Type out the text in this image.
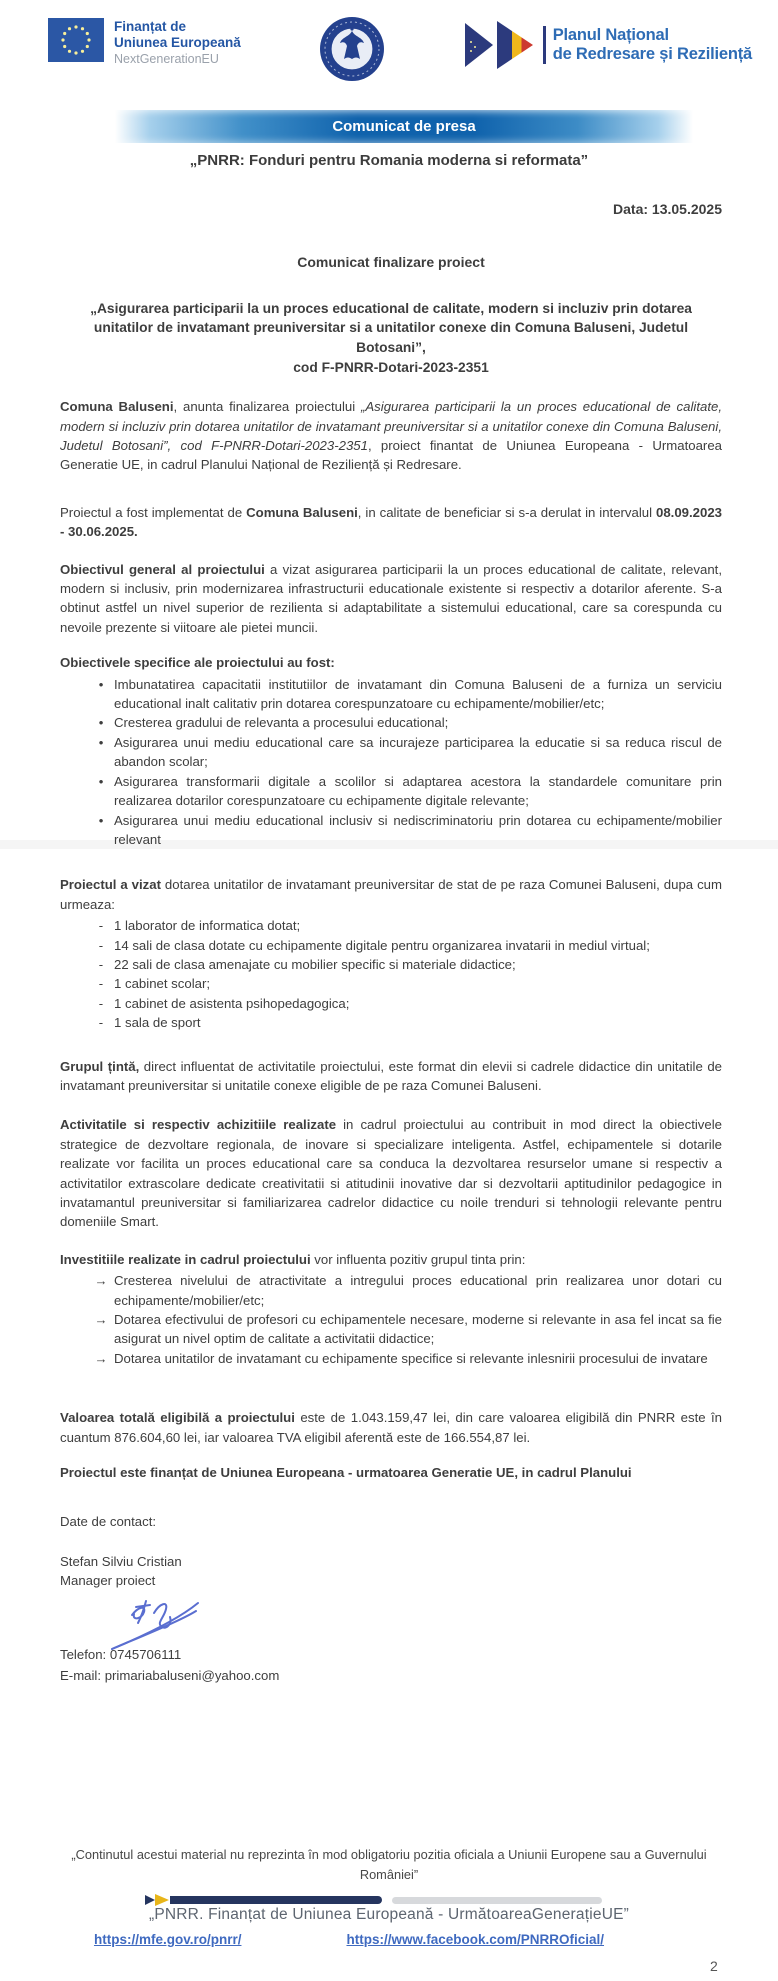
Finanțat de
Uniunea Europeană
NextGenerationEU
Planul Național
de Redresare și Reziliență
Comunicat de presa
„PNRR: Fonduri pentru Romania moderna si reformata”
Data: 13.05.2025
Comunicat finalizare proiect
„Asigurarea participarii la un proces educational de calitate, modern si incluziv prin dotarea unitatilor de invatamant preuniversitar si a unitatilor conexe din Comuna Baluseni, Judetul Botosani”,
cod F-PNRR-Dotari-2023-2351

Comuna Baluseni, anunta finalizarea proiectului „Asigurarea participarii la un proces educational de calitate, modern si incluziv prin dotarea unitatilor de invatamant preuniversitar si a unitatilor conexe din Comuna Baluseni, Judetul Botosani”, cod F-PNRR-Dotari-2023-2351, proiect finantat de Uniunea Europeana - Urmatoarea Generatie UE, in cadrul Planului Național de Reziliență și Redresare.

Proiectul a fost implementat de Comuna Baluseni, in calitate de beneficiar si s-a derulat in intervalul 08.09.2023 - 30.06.2025.

Obiectivul general al proiectului a vizat asigurarea participarii la un proces educational de calitate, relevant, modern si inclusiv, prin modernizarea infrastructurii educationale existente si respectiv a dotarilor aferente. S-a obtinut astfel un nivel superior de rezilienta si adaptabilitate a sistemului educational, care sa corespunda cu nevoile prezente si viitoare ale pietei muncii.

Obiectivele specifice ale proiectului au fost:

• Imbunatatirea capacitatii institutiilor de invatamant din Comuna Baluseni de a furniza un serviciu educational inalt calitativ prin dotarea corespunzatoare cu echipamente/mobilier/etc;
• Cresterea gradului de relevanta a procesului educational;
• Asigurarea unui mediu educational care sa incurajeze participarea la educatie si sa reduca riscul de abandon scolar;
• Asigurarea transformarii digitale a scolilor si adaptarea acestora la standardele comunitare prin realizarea dotarilor corespunzatoare cu echipamente digitale relevante;
• Asigurarea unui mediu educational inclusiv si nediscriminatoriu prin dotarea cu echipamente/mobilier relevant

Proiectul a vizat dotarea unitatilor de invatamant preuniversitar de stat de pe raza Comunei Baluseni, dupa cum urmeaza:

- 1 laborator de informatica dotat;
- 14 sali de clasa dotate cu echipamente digitale pentru organizarea invatarii in mediul virtual;
- 22 sali de clasa amenajate cu mobilier specific si materiale didactice;
- 1 cabinet scolar;
- 1 cabinet de asistenta psihopedagogica;
- 1 sala de sport

Grupul țintă, direct influentat de activitatile proiectului, este format din elevii si cadrele didactice din unitatile de invatamant preuniversitar si unitatile conexe eligible de pe raza Comunei Baluseni.

Activitatile si respectiv achizitiile realizate in cadrul proiectului au contribuit in mod direct la obiectivele strategice de dezvoltare regionala, de inovare si specializare inteligenta. Astfel, echipamentele si dotarile realizate vor facilita un proces educational care sa conduca la dezvoltarea resurselor umane si respectiv a activitatilor extrascolare dedicate creativitatii si atitudinii inovative dar si dezvoltarii aptitudinilor pedagogice in invatamantul preuniversitar si familiarizarea cadrelor didactice cu noile trenduri si tehnologii relevante pentru domeniile Smart.

Investitiile realizate in cadrul proiectului vor influenta pozitiv grupul tinta prin:

→ Cresterea nivelului de atractivitate a intregului proces educational prin realizarea unor dotari cu echipamente/mobilier/etc;
→ Dotarea efectivului de profesori cu echipamentele necesare, moderne si relevante in asa fel incat sa fie asigurat un nivel optim de calitate a activitatii didactice;
→ Dotarea unitatilor de invatamant cu echipamente specifice si relevante inlesnirii procesului de invatare

Valoarea totală eligibilă a proiectului este de 1.043.159,47 lei, din care valoarea eligibilă din PNRR este în cuantum 876.604,60 lei, iar valoarea TVA eligibil aferentă este de 166.554,87 lei.

Proiectul este finanțat de Uniunea Europeana - urmatoarea Generatie UE, in cadrul Planului

Date de contact:

Stefan Silviu Cristian

Manager proiect

Telefon: 0745706111

E-mail: primariabaluseni@yahoo.com

„Continutul acestui material nu reprezinta în mod obligatoriu pozitia oficiala a Uniunii Europene sau a Guvernului României”
„PNRR. Finanțat de Uniunea Europeană - UrmătoareaGenerațieUE”
https://mfe.gov.ro/pnrr/	https://www.facebook.com/PNRROficial/
2
